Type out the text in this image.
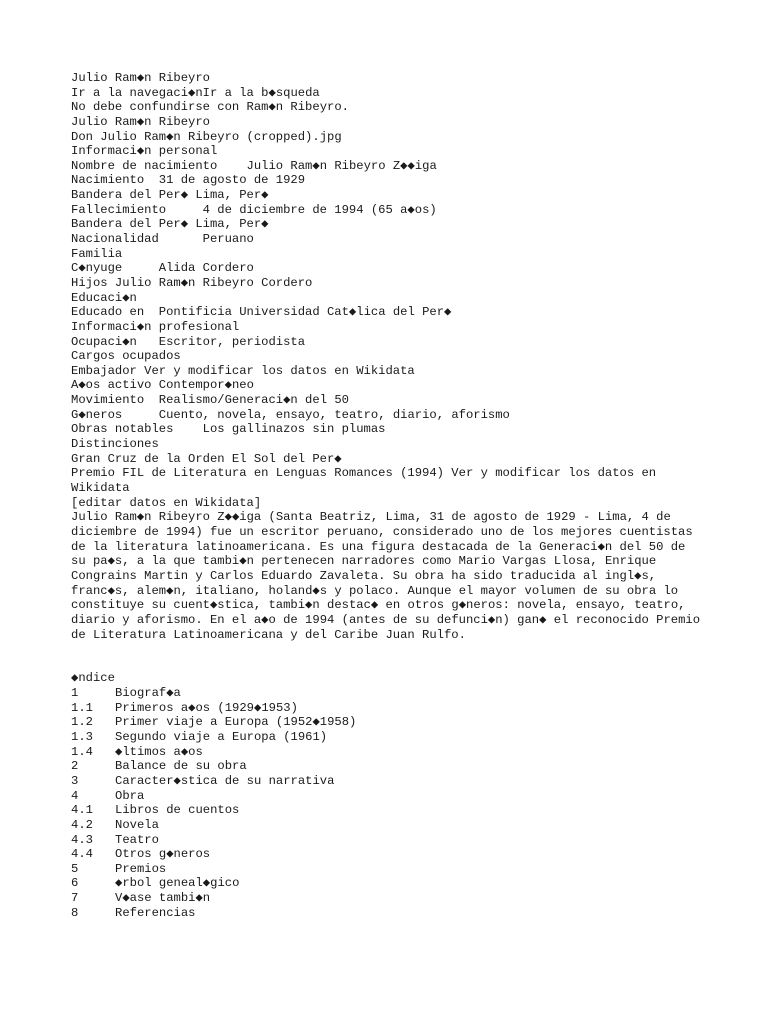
Julio Ram◆n Ribeyro
Ir a la navegaci◆nIr a la b◆squeda
No debe confundirse con Ram◆n Ribeyro.
Julio Ram◆n Ribeyro
Don Julio Ram◆n Ribeyro (cropped).jpg
Informaci◆n personal
Nombre de nacimiento    Julio Ram◆n Ribeyro Z◆◆iga
Nacimiento  31 de agosto de 1929
Bandera del Per◆ Lima, Per◆
Fallecimiento     4 de diciembre de 1994 (65 a◆os)
Bandera del Per◆ Lima, Per◆
Nacionalidad      Peruano
Familia
C◆nyuge     Alida Cordero
Hijos Julio Ram◆n Ribeyro Cordero
Educaci◆n
Educado en  Pontificia Universidad Cat◆lica del Per◆
Informaci◆n profesional
Ocupaci◆n   Escritor, periodista
Cargos ocupados
Embajador Ver y modificar los datos en Wikidata
A◆os activo Contempor◆neo
Movimiento  Realismo/Generaci◆n del 50
G◆neros     Cuento, novela, ensayo, teatro, diario, aforismo
Obras notables    Los gallinazos sin plumas
Distinciones
Gran Cruz de la Orden El Sol del Per◆

Premio FIL de Literatura en Lenguas Romances (1994) Ver y modificar los datos en Wikidata

[editar datos en Wikidata]

Julio Ram◆n Ribeyro Z◆◆iga (Santa Beatriz, Lima, 31 de agosto de 1929 - Lima, 4 de diciembre de 1994) fue un escritor peruano, considerado uno de los mejores cuentistas de la literatura latinoamericana. Es una figura destacada de la Generaci◆n del 50 de su pa◆s, a la que tambi◆n pertenecen narradores como Mario Vargas Llosa, Enrique Congrains Martin y Carlos Eduardo Zavaleta. Su obra ha sido traducida al ingl◆s, franc◆s, alem◆n, italiano, holand◆s y polaco. Aunque el mayor volumen de su obra lo constituye su cuent◆stica, tambi◆n destac◆ en otros g◆neros: novela, ensayo, teatro, diario y aforismo. En el a◆o de 1994 (antes de su defunci◆n) gan◆ el reconocido Premio de Literatura Latinoamericana y del Caribe Juan Rulfo.

◆ndice
1	Biograf◆a
1.1	Primeros a◆os (1929◆1953)
1.2	Primer viaje a Europa (1952◆1958)
1.3	Segundo viaje a Europa (1961)
1.4	◆ltimos a◆os
2	Balance de su obra
3	Caracter◆stica de su narrativa
4	Obra
4.1	Libros de cuentos
4.2	Novela
4.3	Teatro
4.4	Otros g◆neros
5	Premios
6	◆rbol geneal◆gico
7	V◆ase tambi◆n
8	Referencias
